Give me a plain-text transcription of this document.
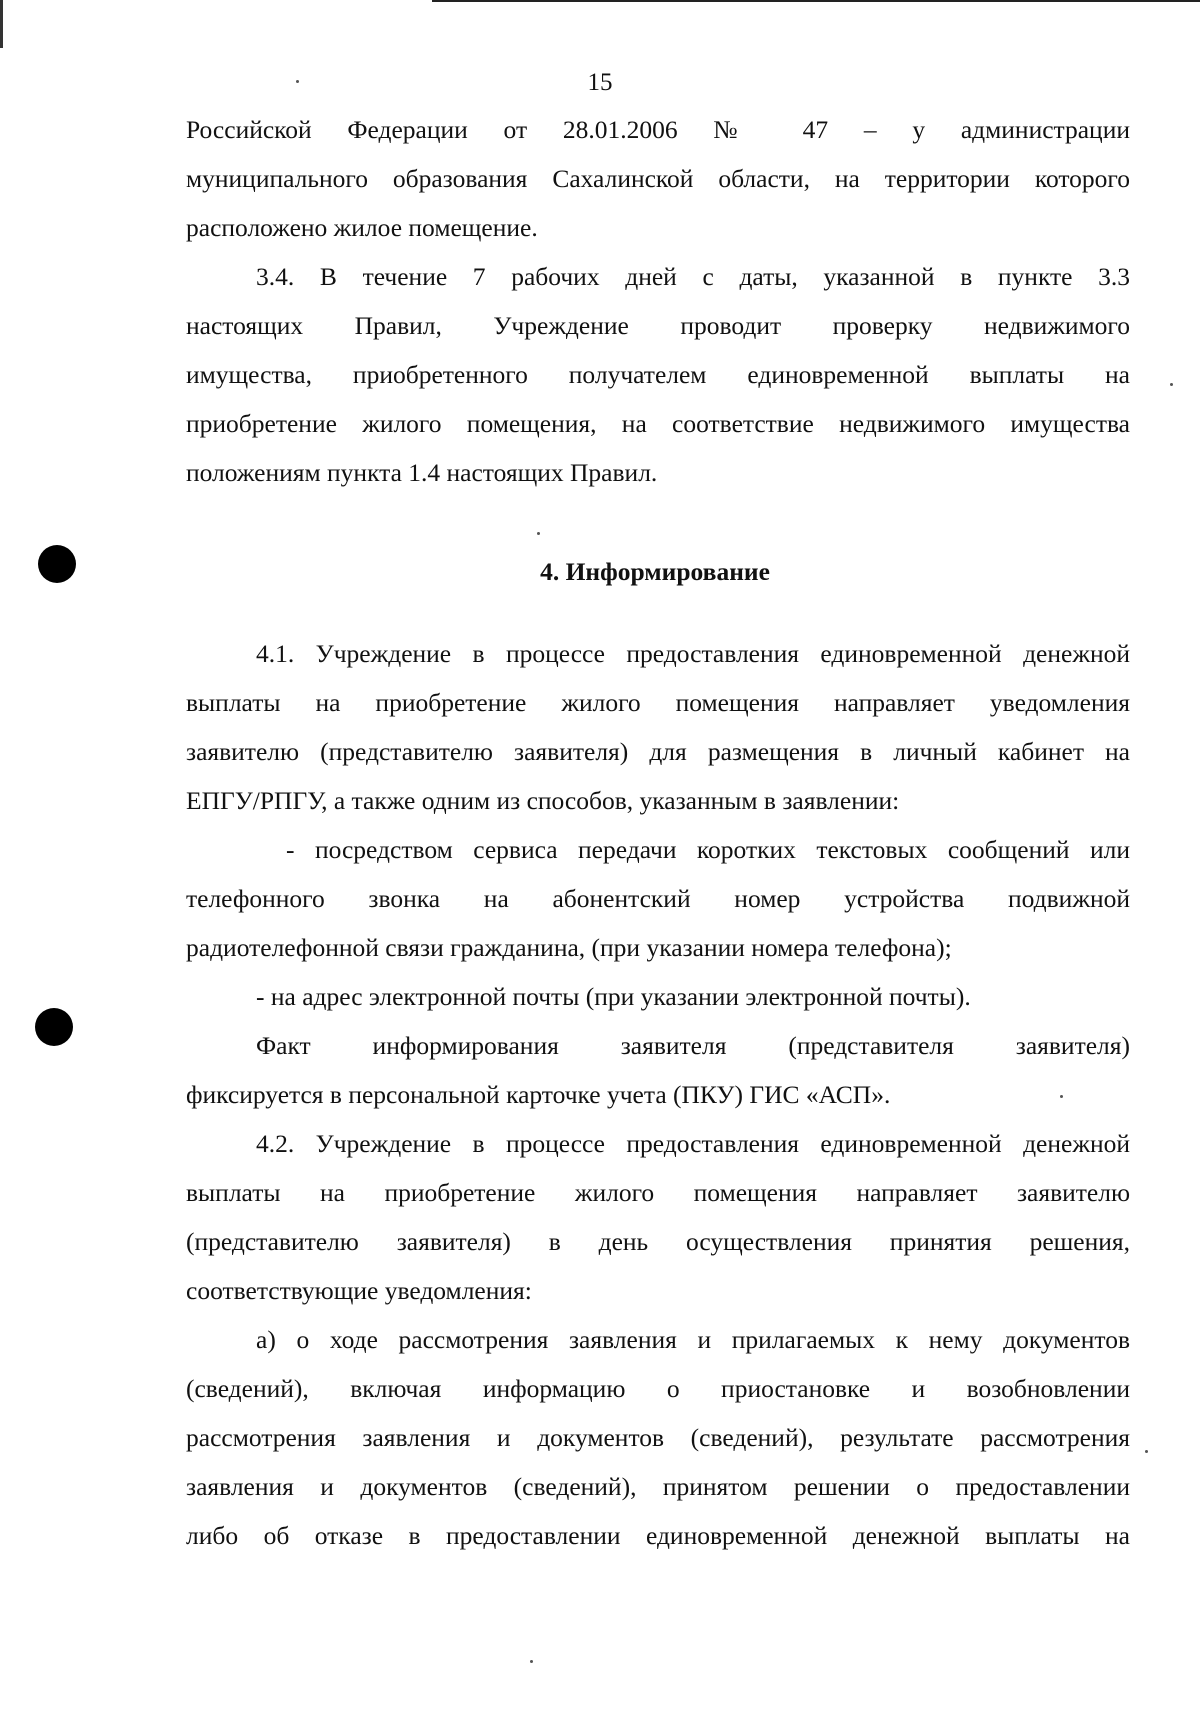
15
Российской Федерации от 28.01.2006 № 47 – у администрации
муниципального образования Сахалинской области, на территории которого
расположено жилое помещение.
3.4. В течение 7 рабочих дней с даты, указанной в пункте 3.3
настоящих Правил, Учреждение проводит проверку недвижимого
имущества, приобретенного получателем единовременной выплаты на
приобретение жилого помещения, на соответствие недвижимого имущества
положениям пункта 1.4 настоящих Правил.
4. Информирование
4.1. Учреждение в процессе предоставления единовременной денежной
выплаты на приобретение жилого помещения направляет уведомления
заявителю (представителю заявителя) для размещения в личный кабинет на
ЕПГУ/РПГУ, а также одним из способов, указанным в заявлении:
- посредством сервиса передачи коротких текстовых сообщений или
телефонного звонка на абонентский номер устройства подвижной
радиотелефонной связи гражданина, (при указании номера телефона);
- на адрес электронной почты (при указании электронной почты).
Факт информирования заявителя (представителя заявителя)
фиксируется в персональной карточке учета (ПКУ) ГИС «АСП».
4.2. Учреждение в процессе предоставления единовременной денежной
выплаты на приобретение жилого помещения направляет заявителю
(представителю заявителя) в день осуществления принятия решения,
соответствующие уведомления:
а) о ходе рассмотрения заявления и прилагаемых к нему документов
(сведений), включая информацию о приостановке и возобновлении
рассмотрения заявления и документов (сведений), результате рассмотрения
заявления и документов (сведений), принятом решении о предоставлении
либо об отказе в предоставлении единовременной денежной выплаты на
